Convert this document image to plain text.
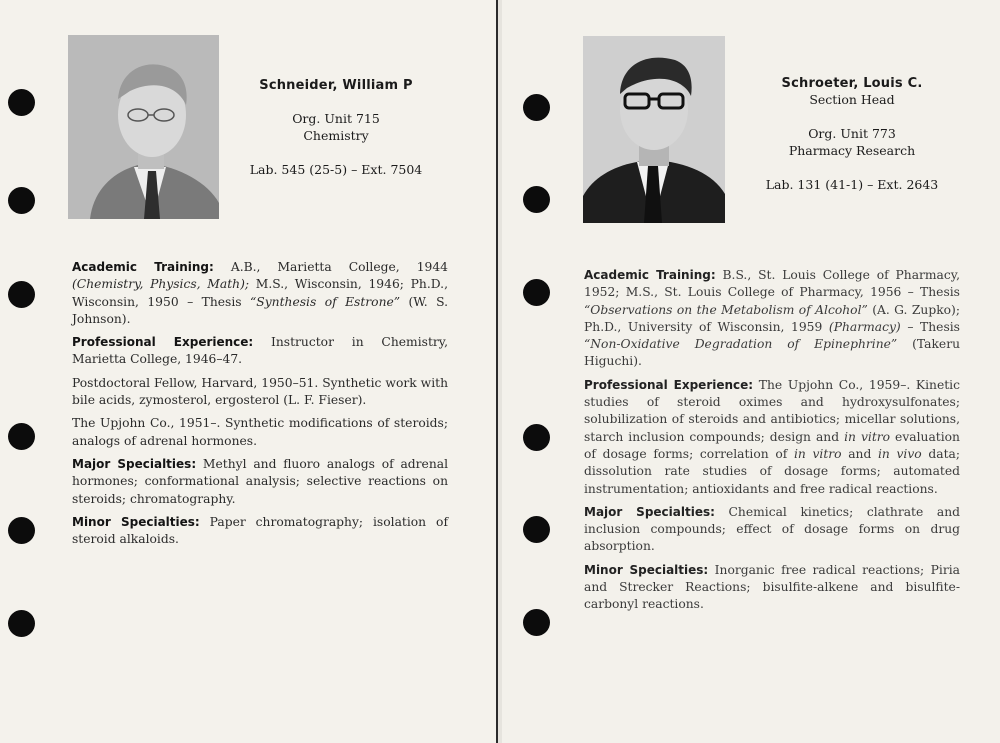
Schneider, William P
Org. Unit 715
Chemistry
Lab. 545 (25-5) – Ext. 7504

Academic Training: A.B., Marietta College, 1944 (Chemistry, Physics, Math); M.S., Wisconsin, 1946; Ph.D., Wisconsin, 1950 – Thesis “Synthesis of Estrone” (W. S. Johnson).

Professional Experience: Instructor in Chemistry, Marietta College, 1946–47.

Postdoctoral Fellow, Harvard, 1950–51. Synthetic work with bile acids, zymosterol, ergosterol (L. F. Fieser).

The Upjohn Co., 1951–. Synthetic modifications of steroids; analogs of adrenal hormones.

Major Specialties: Methyl and fluoro analogs of adrenal hormones; conformational analysis; selective reactions on steroids; chromatography.

Minor Specialties: Paper chromatography; isolation of steroid alkaloids.

Schroeter, Louis C.
Section Head
Org. Unit 773
Pharmacy Research
Lab. 131 (41-1) – Ext. 2643

Academic Training: B.S., St. Louis College of Pharmacy, 1952; M.S., St. Louis College of Pharmacy, 1956 – Thesis “Observations on the Metabolism of Alcohol” (A. G. Zupko); Ph.D., University of Wisconsin, 1959 (Pharmacy) – Thesis “Non-Oxidative Degradation of Epinephrine” (Takeru Higuchi).

Professional Experience: The Upjohn Co., 1959–. Kinetic studies of steroid oximes and hydroxysulfonates; solubilization of steroids and antibiotics; micellar solutions, starch inclusion compounds; design and in vitro evaluation of dosage forms; correlation of in vitro and in vivo data; dissolution rate studies of dosage forms; automated instrumentation; antioxidants and free radical reactions.

Major Specialties: Chemical kinetics; clathrate and inclusion compounds; effect of dosage forms on drug absorption.

Minor Specialties: Inorganic free radical reactions; Piria and Strecker Reactions; bisulfite-alkene and bisulfite-carbonyl reactions.
